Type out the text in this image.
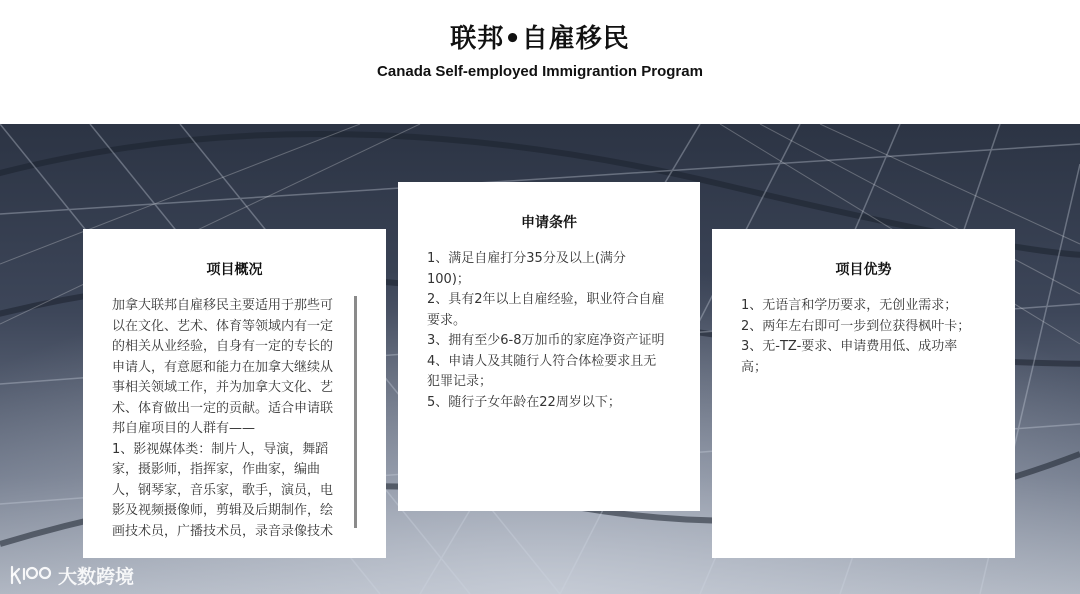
联邦•自雇移民
Canada Self-employed Immigrantion Program
项目概况

加拿大联邦自雇移民主要适用于那些可以在文化、艺术、体育等领域内有一定的相关从业经验，自身有一定的专长的申请人，有意愿和能力在加拿大继续从事相关领域工作，并为加拿大文化、艺术、体育做出一定的贡献。适合申请联邦自雇项目的人群有——

1、影视媒体类：制片人，导演，舞蹈家，摄影师，指挥家，作曲家，编曲人，钢琴家，音乐家，歌手，演员，电影及视频摄像师，剪辑及后期制作，绘画技术员，广播技术员，录音录像技术

申请条件

1、满足自雇打分35分及以上(满分100)；

2、具有2年以上自雇经验，职业符合自雇要求。

3、拥有至少6-8万加币的家庭净资产证明

4、申请人及其随行人符合体检要求且无犯罪记录；

5、随行子女年龄在22周岁以下；

项目优势

1、无语言和学历要求，无创业需求；

2、两年左右即可一步到位获得枫叶卡；

3、无-TZ-要求、申请费用低、成功率高；

大数跨境
